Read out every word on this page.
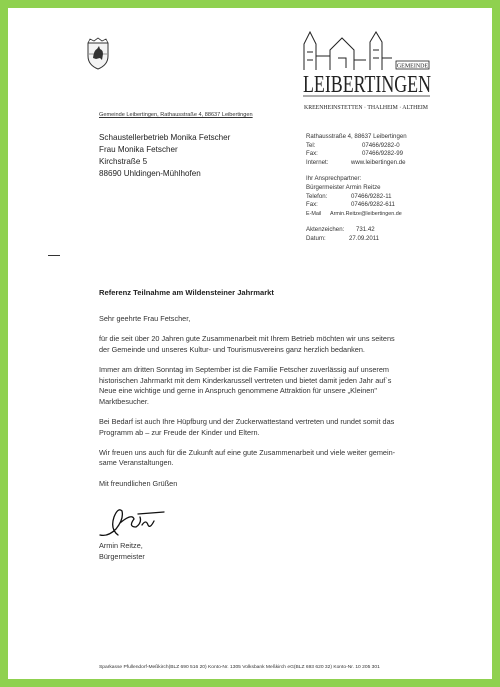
GEMEINDE
LEIBERTINGEN
KREENHEINSTETTEN · THALHEIM · ALTHEIM
Gemeinde Leibertingen, Rathausstraße 4, 88637 Leibertingen
Schaustellerbetrieb Monika Fetscher
Frau Monika Fetscher
Kirchstraße 5
88690 Uhldingen-Mühlhofen
Rathausstraße 4, 88637 Leibertingen
Tel:	07466/9282-0
Fax:	07466/9282-99
Internet:	www.leibertingen.de
Ihr Ansprechpartner:
Bürgermeister Armin Reitze
Telefon:	07466/9282-11
Fax:	07466/9282-611
E-Mail Armin.Reitze@leibertingen.de
Aktenzeichen: 731.42
Datum:	27.09.2011
Referenz Teilnahme am Wildensteiner Jahrmarkt

Sehr geehrte Frau Fetscher,

für die seit über 20 Jahren gute Zusammenarbeit mit Ihrem Betrieb möchten wir uns seitens
der Gemeinde und unseres Kultur- und Tourismusvereins ganz herzlich bedanken.

Immer am dritten Sonntag im September ist die Familie Fetscher zuverlässig auf unserem
historischen Jahrmarkt mit dem Kinderkarussell vertreten und bietet damit jeden Jahr auf`s
Neue eine wichtige und gerne in Anspruch genommene Attraktion für unsere „Kleinen"
Marktbesucher.

Bei Bedarf ist auch Ihre Hüpfburg und der Zuckerwattestand vertreten und rundet somit das
Programm ab – zur Freude der Kinder und Eltern.

Wir freuen uns auch für die Zukunft auf eine gute Zusammenarbeit und viele weiter gemein-
same Veranstaltungen.

Mit freundlichen Grüßen

Armin Reitze,
Bürgermeister
Sparkasse Pfullendorf-Meßkirch(BLZ 690 516 20) Konto-Nr. 1305 Volksbank Meßkirch eG(BLZ 693 620 32) Konto-Nr. 10 205 301
